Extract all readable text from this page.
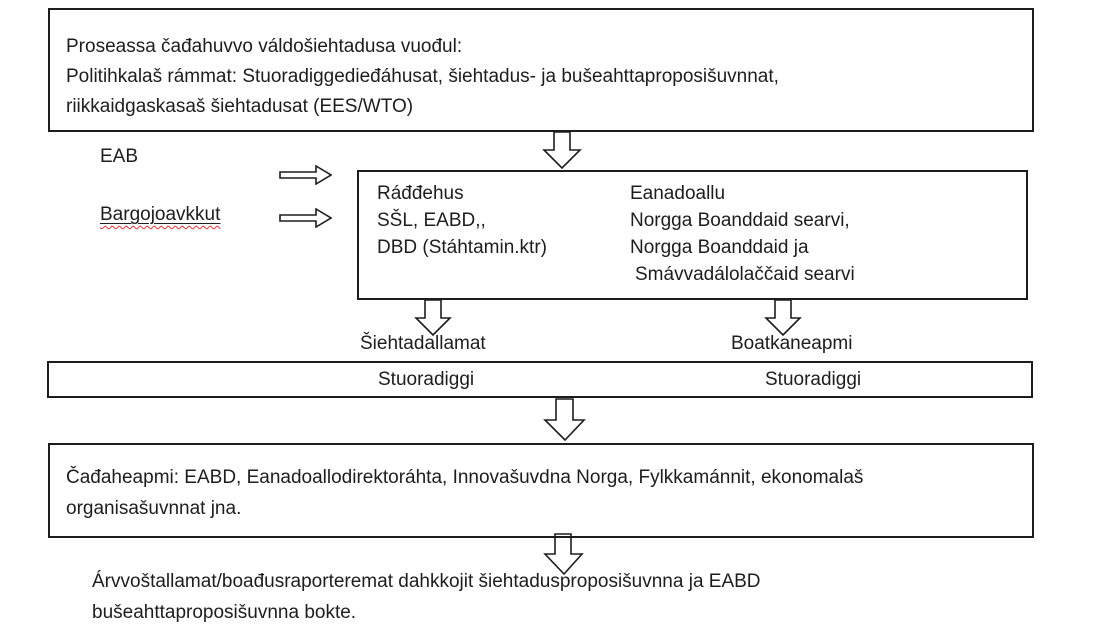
Proseassa čađahuvvo váldošiehtadusa vuođul:
Politihkalaš rámmat: Stuoradiggedieđáhusat, šiehtadus- ja bušeahttaproposišuvnnat,
riikkaidgaskasaš šiehtadusat (EES/WTO)
EAB
Bargojoavkkut
Ráđđehus
SŠL, EABD,,
DBD (Stáhtamin.ktr)
Eanadoallu
Norgga Boanddaid searvi,
Norgga Boanddaid ja
Smávvadálolaččaid searvi
Šiehtadallamat	Boatkaneapmi
Stuoradiggi	Stuoradiggi
Čađaheapmi: EABD, Eanadoallodirektoráhta, Innovašuvdna Norga, Fylkkamánnit, ekonomalaš
organisašuvnnat jna.
Árvvoštallamat/boađusraporteremat dahkkojit šiehtadusproposišuvnna ja EABD
bušeahttaproposišuvnna bokte.
